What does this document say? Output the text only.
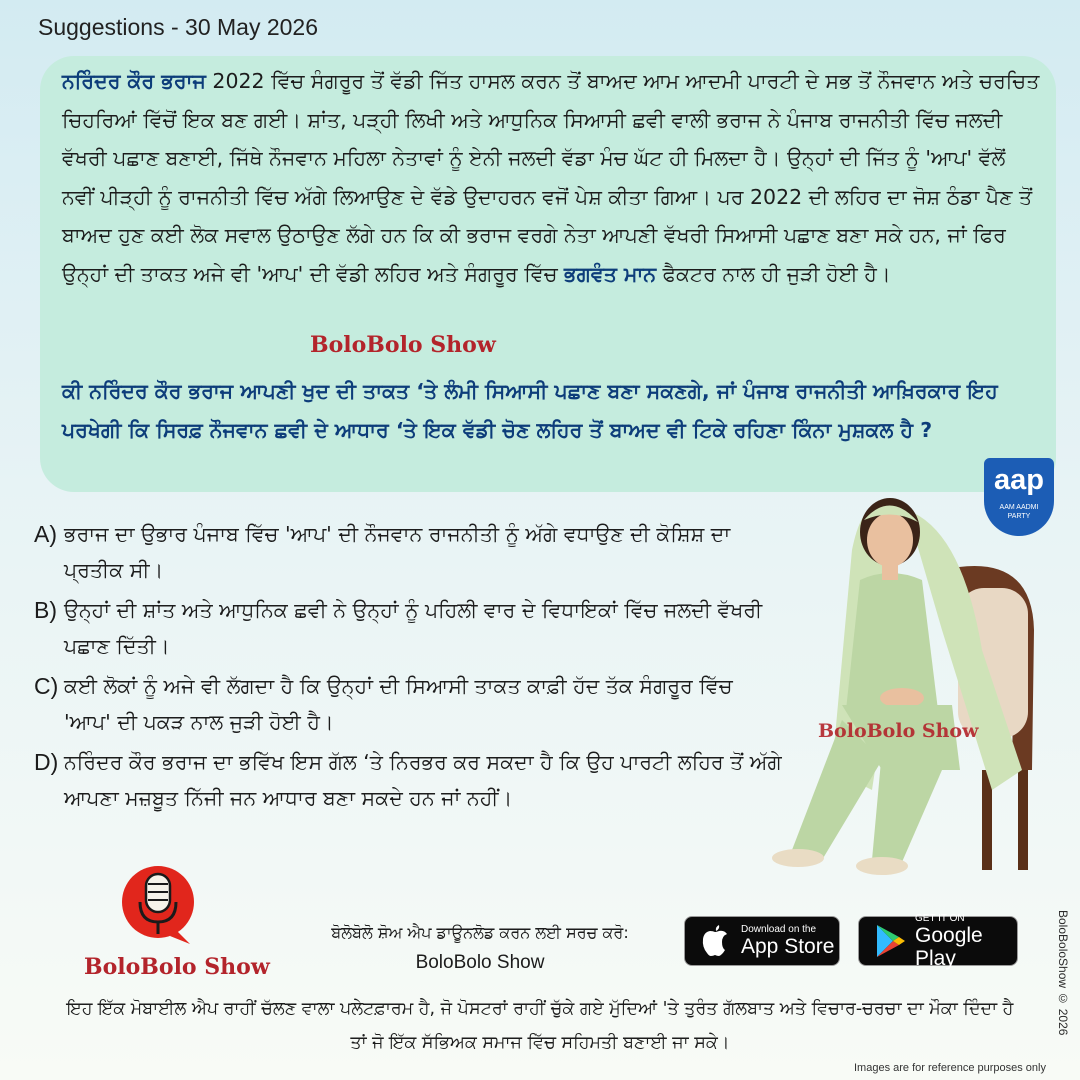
Suggestions - 30 May 2026
ਨਰਿੰਦਰ ਕੌਰ ਭਰਾਜ 2022 ਵਿੱਚ ਸੰਗਰੂਰ ਤੋਂ ਵੱਡੀ ਜਿੱਤ ਹਾਸਲ ਕਰਨ ਤੋਂ ਬਾਅਦ ਆਮ ਆਦਮੀ ਪਾਰਟੀ ਦੇ ਸਭ ਤੋਂ ਨੌਜਵਾਨ ਅਤੇ ਚਰਚਿਤ ਚਿਹਰਿਆਂ ਵਿੱਚੋਂ ਇਕ ਬਣ ਗਈ। ਸ਼ਾਂਤ, ਪੜ੍ਹੀ ਲਿਖੀ ਅਤੇ ਆਧੁਨਿਕ ਸਿਆਸੀ ਛਵੀ ਵਾਲੀ ਭਰਾਜ ਨੇ ਪੰਜਾਬ ਰਾਜਨੀਤੀ ਵਿੱਚ ਜਲਦੀ ਵੱਖਰੀ ਪਛਾਣ ਬਣਾਈ, ਜਿੱਥੇ ਨੌਜਵਾਨ ਮਹਿਲਾ ਨੇਤਾਵਾਂ ਨੂੰ ਏਨੀ ਜਲਦੀ ਵੱਡਾ ਮੰਚ ਘੱਟ ਹੀ ਮਿਲਦਾ ਹੈ। ਉਨ੍ਹਾਂ ਦੀ ਜਿੱਤ ਨੂੰ 'ਆਪ' ਵੱਲੋਂ ਨਵੀਂ ਪੀੜ੍ਹੀ ਨੂੰ ਰਾਜਨੀਤੀ ਵਿੱਚ ਅੱਗੇ ਲਿਆਉਣ ਦੇ ਵੱਡੇ ਉਦਾਹਰਨ ਵਜੋਂ ਪੇਸ਼ ਕੀਤਾ ਗਿਆ। ਪਰ 2022 ਦੀ ਲਹਿਰ ਦਾ ਜੋਸ਼ ਠੰਡਾ ਪੈਣ ਤੋਂ ਬਾਅਦ ਹੁਣ ਕਈ ਲੋਕ ਸਵਾਲ ਉਠਾਉਣ ਲੱਗੇ ਹਨ ਕਿ ਕੀ ਭਰਾਜ ਵਰਗੇ ਨੇਤਾ ਆਪਣੀ ਵੱਖਰੀ ਸਿਆਸੀ ਪਛਾਣ ਬਣਾ ਸਕੇ ਹਨ, ਜਾਂ ਫਿਰ ਉਨ੍ਹਾਂ ਦੀ ਤਾਕਤ ਅਜੇ ਵੀ 'ਆਪ' ਦੀ ਵੱਡੀ ਲਹਿਰ ਅਤੇ ਸੰਗਰੂਰ ਵਿੱਚ ਭਗਵੰਤ ਮਾਨ ਫੈਕਟਰ ਨਾਲ ਹੀ ਜੁੜੀ ਹੋਈ ਹੈ।
BoloBolo Show
ਕੀ ਨਰਿੰਦਰ ਕੌਰ ਭਰਾਜ ਆਪਣੀ ਖੁਦ ਦੀ ਤਾਕਤ ‘ਤੇ ਲੰਮੀ ਸਿਆਸੀ ਪਛਾਣ ਬਣਾ ਸਕਣਗੇ, ਜਾਂ ਪੰਜਾਬ ਰਾਜਨੀਤੀ ਆਖ਼ਿਰਕਾਰ ਇਹ ਪਰਖੇਗੀ ਕਿ ਸਿਰਫ਼ ਨੌਜਵਾਨ ਛਵੀ ਦੇ ਆਧਾਰ ‘ਤੇ ਇਕ ਵੱਡੀ ਚੋਣ ਲਹਿਰ ਤੋਂ ਬਾਅਦ ਵੀ ਟਿਕੇ ਰਹਿਣਾ ਕਿੰਨਾ ਮੁਸ਼ਕਲ ਹੈ ?
A) ਭਰਾਜ ਦਾ ਉਭਾਰ ਪੰਜਾਬ ਵਿੱਚ 'ਆਪ' ਦੀ ਨੌਜਵਾਨ ਰਾਜਨੀਤੀ ਨੂੰ ਅੱਗੇ ਵਧਾਉਣ ਦੀ ਕੋਸ਼ਿਸ਼ ਦਾ ਪ੍ਰਤੀਕ ਸੀ।
B) ਉਨ੍ਹਾਂ ਦੀ ਸ਼ਾਂਤ ਅਤੇ ਆਧੁਨਿਕ ਛਵੀ ਨੇ ਉਨ੍ਹਾਂ ਨੂੰ ਪਹਿਲੀ ਵਾਰ ਦੇ ਵਿਧਾਇਕਾਂ ਵਿੱਚ ਜਲਦੀ ਵੱਖਰੀ ਪਛਾਣ ਦਿੱਤੀ।
C) ਕਈ ਲੋਕਾਂ ਨੂੰ ਅਜੇ ਵੀ ਲੱਗਦਾ ਹੈ ਕਿ ਉਨ੍ਹਾਂ ਦੀ ਸਿਆਸੀ ਤਾਕਤ ਕਾਫ਼ੀ ਹੱਦ ਤੱਕ ਸੰਗਰੂਰ ਵਿੱਚ 'ਆਪ' ਦੀ ਪਕੜ ਨਾਲ ਜੁੜੀ ਹੋਈ ਹੈ।
D) ਨਰਿੰਦਰ ਕੌਰ ਭਰਾਜ ਦਾ ਭਵਿੱਖ ਇਸ ਗੱਲ ‘ਤੇ ਨਿਰਭਰ ਕਰ ਸਕਦਾ ਹੈ ਕਿ ਉਹ ਪਾਰਟੀ ਲਹਿਰ ਤੋਂ ਅੱਗੇ ਆਪਣਾ ਮਜ਼ਬੂਤ ਨਿੱਜੀ ਜਨ ਆਧਾਰ ਬਣਾ ਸਕਦੇ ਹਨ ਜਾਂ ਨਹੀਂ।
aap
AAM AADMI
PARTY
BoloBolo Show
BoloBolo Show
ਬੋਲੋਬੋਲੋ ਸ਼ੋਅ ਐਪ ਡਾਊਨਲੋਡ ਕਰਨ ਲਈ ਸਰਚ ਕਰੋ:
BoloBolo Show
Download on the
App Store
GET IT ON
Google Play	BoloBoloShow © 2026
ਇਹ ਇੱਕ ਮੋਬਾਈਲ ਐਪ ਰਾਹੀਂ ਚੱਲਣ ਵਾਲਾ ਪਲੇਟਫ਼ਾਰਮ ਹੈ, ਜੋ ਪੋਸਟਰਾਂ ਰਾਹੀਂ ਚੁੱਕੇ ਗਏ ਮੁੱਦਿਆਂ 'ਤੇ ਤੁਰੰਤ ਗੱਲਬਾਤ ਅਤੇ ਵਿਚਾਰ-ਚਰਚਾ ਦਾ ਮੌਕਾ ਦਿੰਦਾ ਹੈ ਤਾਂ ਜੋ ਇੱਕ ਸੱਭਿਅਕ ਸਮਾਜ ਵਿੱਚ ਸਹਿਮਤੀ ਬਣਾਈ ਜਾ ਸਕੇ।
Images are for reference purposes only
